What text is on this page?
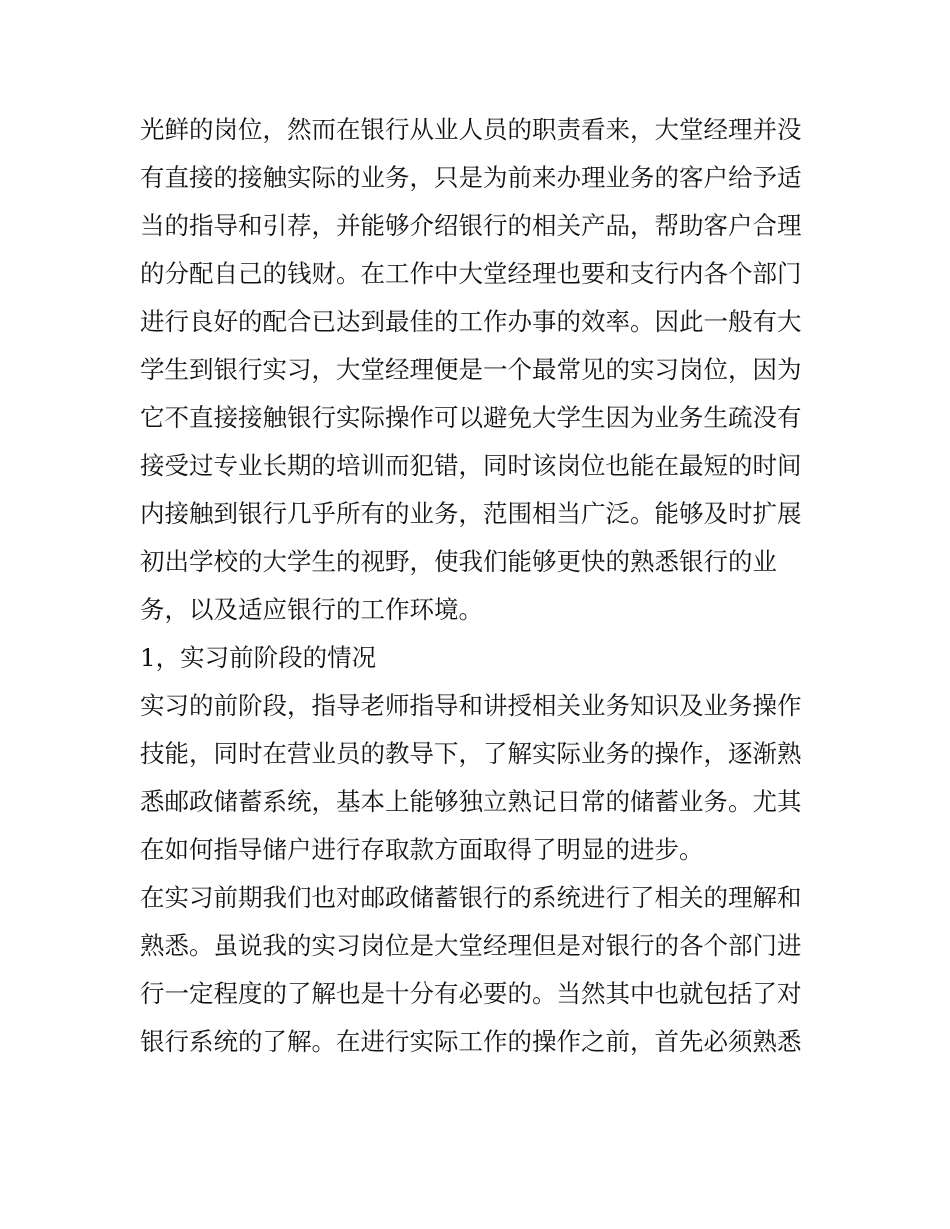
光鲜的岗位，然而在银行从业人员的职责看来，大堂经理并没
有直接的接触实际的业务，只是为前来办理业务的客户给予适
当的指导和引荐，并能够介绍银行的相关产品，帮助客户合理
的分配自己的钱财。在工作中大堂经理也要和支行内各个部门
进行良好的配合已达到最佳的工作办事的效率。因此一般有大
学生到银行实习，大堂经理便是一个最常见的实习岗位，因为
它不直接接触银行实际操作可以避免大学生因为业务生疏没有
接受过专业长期的培训而犯错，同时该岗位也能在最短的时间
内接触到银行几乎所有的业务，范围相当广泛。能够及时扩展
初出学校的大学生的视野，使我们能够更快的熟悉银行的业
务，以及适应银行的工作环境。
1，实习前阶段的情况
实习的前阶段，指导老师指导和讲授相关业务知识及业务操作
技能，同时在营业员的教导下，了解实际业务的操作，逐渐熟
悉邮政储蓄系统，基本上能够独立熟记日常的储蓄业务。尤其
在如何指导储户进行存取款方面取得了明显的进步。
在实习前期我们也对邮政储蓄银行的系统进行了相关的理解和
熟悉。虽说我的实习岗位是大堂经理但是对银行的各个部门进
行一定程度的了解也是十分有必要的。当然其中也就包括了对
银行系统的了解。在进行实际工作的操作之前，首先必须熟悉
